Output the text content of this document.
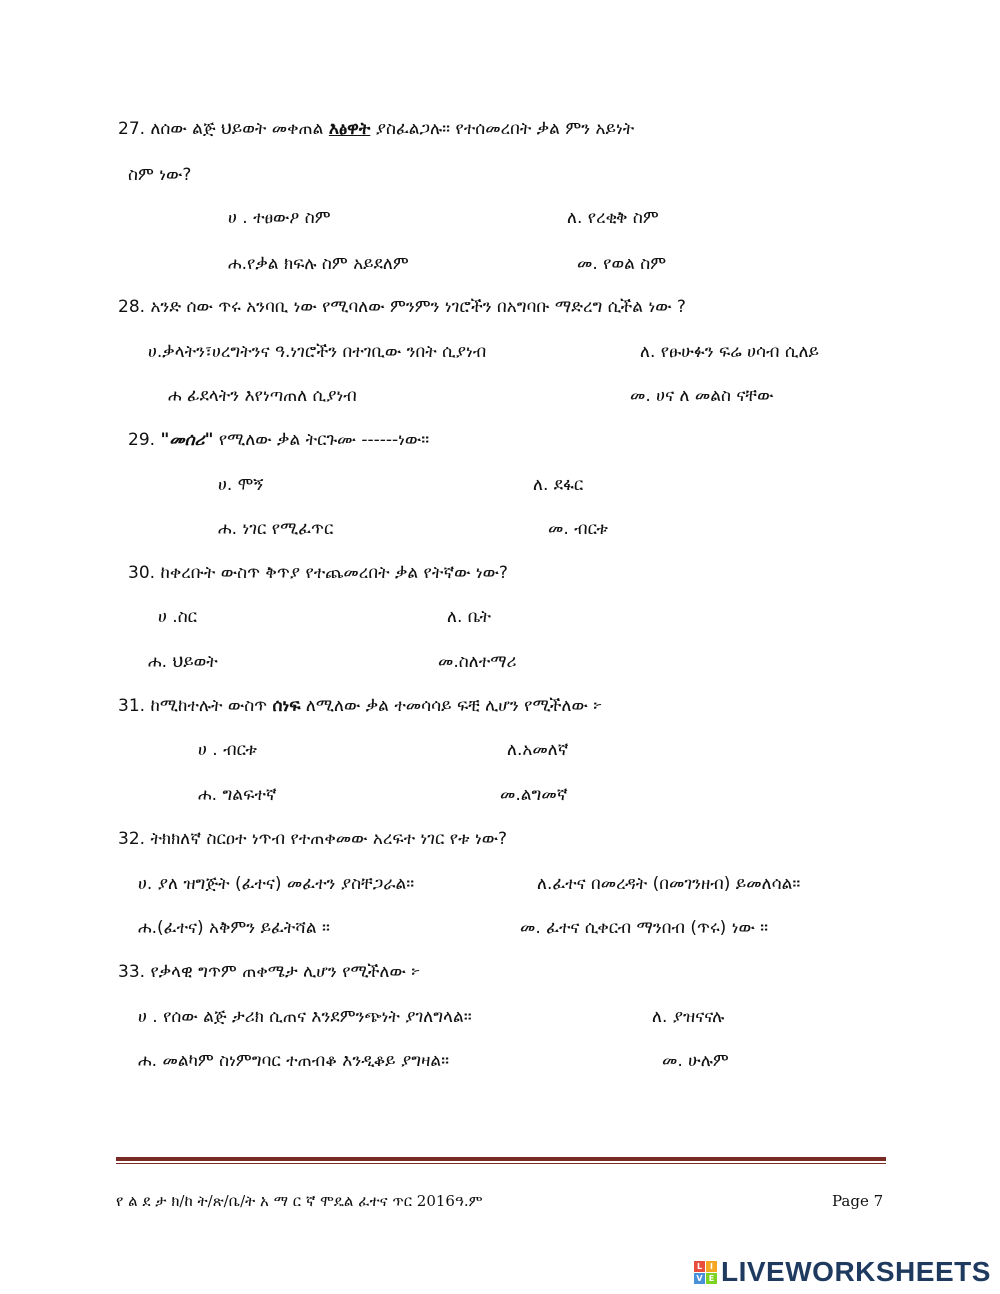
27. ለሰው ልጅ ህይወት መቀጠል እፅዋት ያስፈልጋሉ። የተሰመረበት ቃል ምን አይነት
ስም ነው?
ሀ . ተፀውዖ ስም	ለ. የረቂቅ ስም
ሐ.የቃል ክፍሉ ስም አይደለም	መ. የወል ስም
28. አንድ ሰው ጥሩ አንባቢ ነው የሚባለው ምንምን ነገሮችን በአግባቡ ማድረግ ሲችል ነው ?
ሀ.ቃላትን፣ሀረግትንና ዓ.ነገሮችን በተገቢው ንበት ሲያነብ	ለ. የፁሁፉን ፍሬ ሀሳብ ሲለይ
ሐ ፊደላትን እየነጣጠለ ሲያነብ	መ. ሀና ለ መልስ ናቸው
29. "መሰሪ" የሚለው ቃል ትርጉሙ ------ነው።
ሀ. ሞኝ	ለ. ደፋር
ሐ. ነገር የሚፈጥር	መ. ብርቱ
30. ከቀረቡት ውስጥ ቅጥያ የተጨመረበት ቃል የትኛው ነው?
ሀ .ስር	ለ. ቤት
ሐ. ህይወት	መ.ስለተማሪ
31. ከሚከተሉት ውስጥ ሰነፍ ለሚለው ቃል ተመሳሳይ ፍቺ ሊሆን የሚችለው ፦
ሀ . ብርቱ	ለ.አመለኛ
ሐ. ግልፍተኛ	መ.ልግመኛ
32. ትክክለኛ ስርዐተ ነጥብ የተጠቀመው አረፍተ ነገር የቱ ነው?
ሀ. ያለ ዝግጅት (ፈተና) መፈተን ያስቸጋራል።	ለ.ፈተና በመረዳት (በመገንዘብ) ይመለሳል።
ሐ.(ፈተና) አቅምን ይፈትሻል ።	መ. ፈተና ሲቀርብ ማንበብ (ጥሩ) ነው ።
33. የቃላዊ ግጥም ጠቀሜታ ሊሆን የሚችለው ፦
ሀ . የሰው ልጅ ታሪክ ሲጠና እንደምንጭነት ያገለግላል።	ለ. ያዝናናሉ
ሐ. መልካም ስነምግባር ተጠብቆ እንዲቆይ ያግዛል።	መ. ሁሉም
የ ል ደ ታ ክ/ከ ት/ጽ/ቤ/ት አ ማ ር ኛ ሞዴል ፈተና ጥር 2016ዓ.ም	Page 7
L I
V E LIVEWORKSHEETS
